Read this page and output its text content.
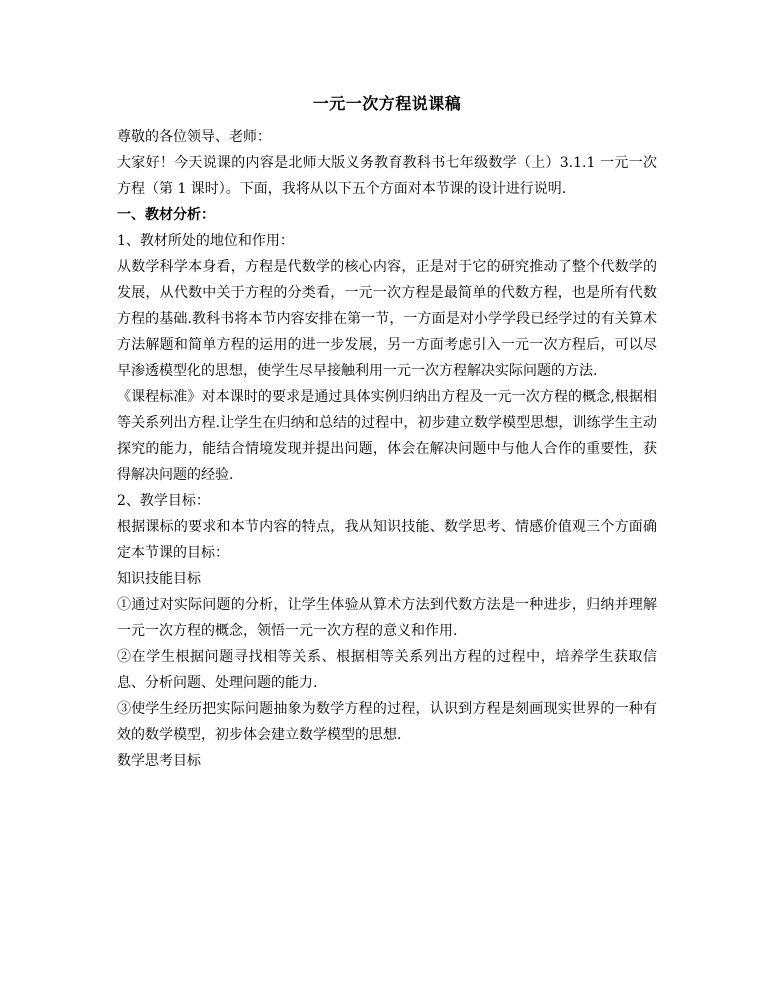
一元一次方程说课稿

尊敬的各位领导、老师：

大家好！今天说课的内容是北师大版义务教育教科书七年级数学（上）3.1.1 一元一次方程（第 1 课时）。下面，我将从以下五个方面对本节课的设计进行说明.

一、教材分析：

1、教材所处的地位和作用：

从数学科学本身看，方程是代数学的核心内容，正是对于它的研究推动了整个代数学的发展，从代数中关于方程的分类看，一元一次方程是最简单的代数方程，也是所有代数方程的基础.教科书将本节内容安排在第一节，一方面是对小学学段已经学过的有关算术方法解题和简单方程的运用的进一步发展，另一方面考虑引入一元一次方程后，可以尽早渗透模型化的思想，使学生尽早接触利用一元一次方程解决实际问题的方法.

《课程标准》对本课时的要求是通过具体实例归纳出方程及一元一次方程的概念,根据相等关系列出方程.让学生在归纳和总结的过程中，初步建立数学模型思想，训练学生主动探究的能力，能结合情境发现并提出问题，体会在解决问题中与他人合作的重要性，获得解决问题的经验.

2、教学目标：

根据课标的要求和本节内容的特点，我从知识技能、数学思考、情感价值观三个方面确定本节课的目标：

知识技能目标

①通过对实际问题的分析，让学生体验从算术方法到代数方法是一种进步，归纳并理解一元一次方程的概念，领悟一元一次方程的意义和作用.

②在学生根据问题寻找相等关系、根据相等关系列出方程的过程中，培养学生获取信息、分析问题、处理问题的能力.

③使学生经历把实际问题抽象为数学方程的过程，认识到方程是刻画现实世界的一种有效的数学模型，初步体会建立数学模型的思想.

数学思考目标
